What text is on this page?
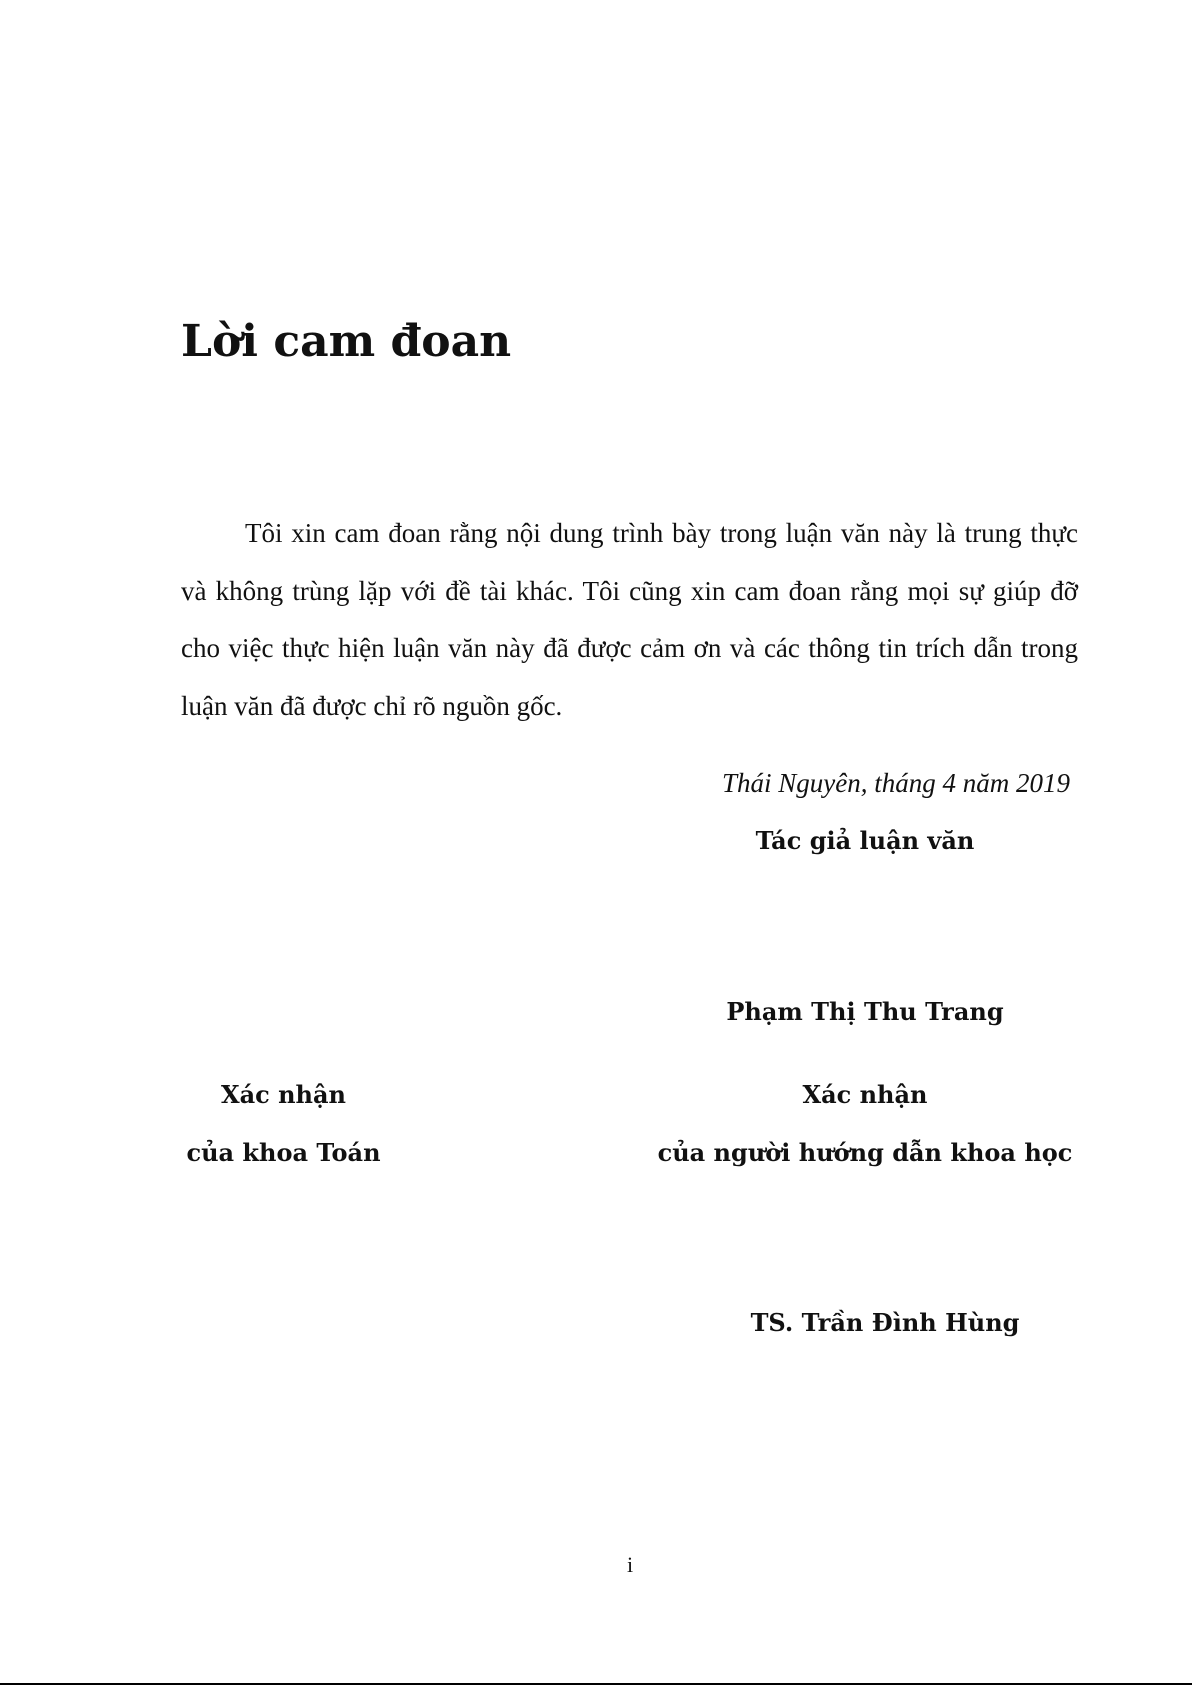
Lời cam đoan

Tôi xin cam đoan rằng nội dung trình bày trong luận văn này là trung thực và không trùng lặp với đề tài khác. Tôi cũng xin cam đoan rằng mọi sự giúp đỡ cho việc thực hiện luận văn này đã được cảm ơn và các thông tin trích dẫn trong luận văn đã được chỉ rõ nguồn gốc.

Thái Nguyên, tháng 4 năm 2019
Tác giả luận văn
Phạm Thị Thu Trang
Xác nhận
của khoa Toán
Xác nhận
của người hướng dẫn khoa học
TS. Trần Đình Hùng
i
